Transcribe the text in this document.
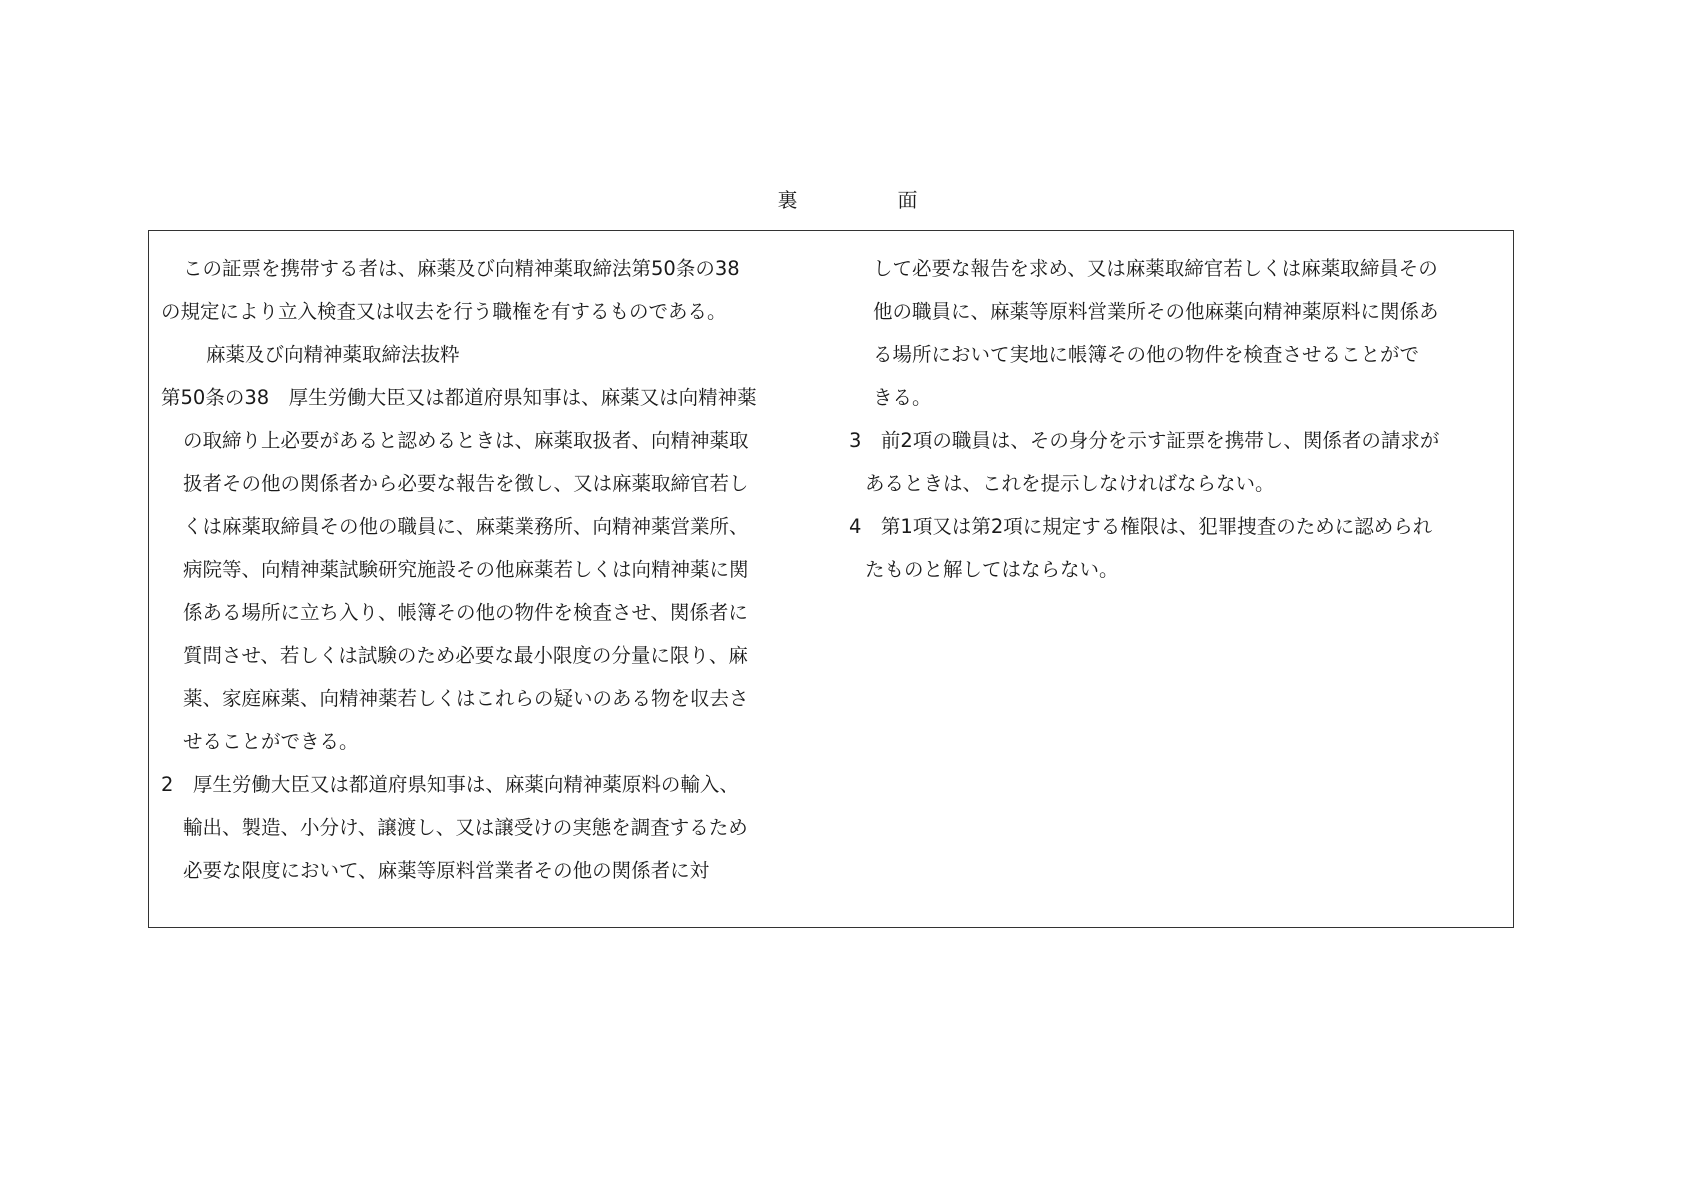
裏　面
この証票を携帯する者は、麻薬及び向精神薬取締法第50条の38
の規定により立入検査又は収去を行う職権を有するものである。
麻薬及び向精神薬取締法抜粋
第50条の38　厚生労働大臣又は都道府県知事は、麻薬又は向精神薬
の取締り上必要があると認めるときは、麻薬取扱者、向精神薬取
扱者その他の関係者から必要な報告を徴し、又は麻薬取締官若し
くは麻薬取締員その他の職員に、麻薬業務所、向精神薬営業所、
病院等、向精神薬試験研究施設その他麻薬若しくは向精神薬に関
係ある場所に立ち入り、帳簿その他の物件を検査させ、関係者に
質問させ、若しくは試験のため必要な最小限度の分量に限り、麻
薬、家庭麻薬、向精神薬若しくはこれらの疑いのある物を収去さ
せることができる。
2　厚生労働大臣又は都道府県知事は、麻薬向精神薬原料の輸入、
輸出、製造、小分け、譲渡し、又は譲受けの実態を調査するため
必要な限度において、麻薬等原料営業者その他の関係者に対
して必要な報告を求め、又は麻薬取締官若しくは麻薬取締員その
他の職員に、麻薬等原料営業所その他麻薬向精神薬原料に関係あ
る場所において実地に帳簿その他の物件を検査させることがで
きる。
3　前2項の職員は、その身分を示す証票を携帯し、関係者の請求が
あるときは、これを提示しなければならない。
4　第1項又は第2項に規定する権限は、犯罪捜査のために認められ
たものと解してはならない。
